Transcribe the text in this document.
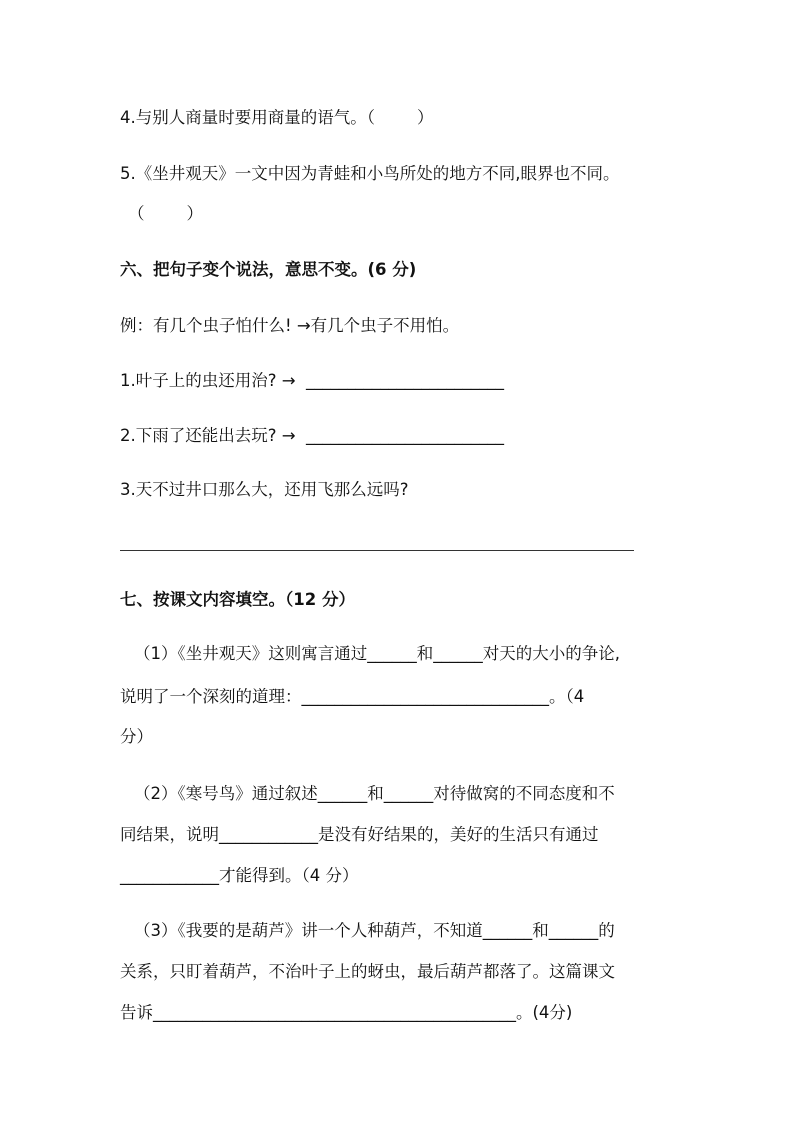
4.与别人商量时要用商量的语气。（        ）
5.《坐井观天》一文中因为青蛙和小鸟所处的地方不同,眼界也不同。
（        ）
六、把句子变个说法，意思不变。(6 分)
例：有几个虫子怕什么! →有几个虫子不用怕。
1.叶子上的虫还用治? →  ________________________
2.下雨了还能出去玩? →  ________________________
3.天不过井口那么大，还用飞那么远吗?
七、按课文内容填空。（12 分）
（1）《坐井观天》这则寓言通过______和______对天的大小的争论,
说明了一个深刻的道理：______________________________。（4
分）
（2）《寒号鸟》通过叙述______和______对待做窝的不同态度和不
同结果，说明____________是没有好结果的，美好的生活只有通过
____________才能得到。（4 分）
（3）《我要的是葫芦》讲一个人种葫芦，不知道______和______的
关系，只盯着葫芦，不治叶子上的蚜虫，最后葫芦都落了。这篇课文
告诉____________________________________________。(4分)
